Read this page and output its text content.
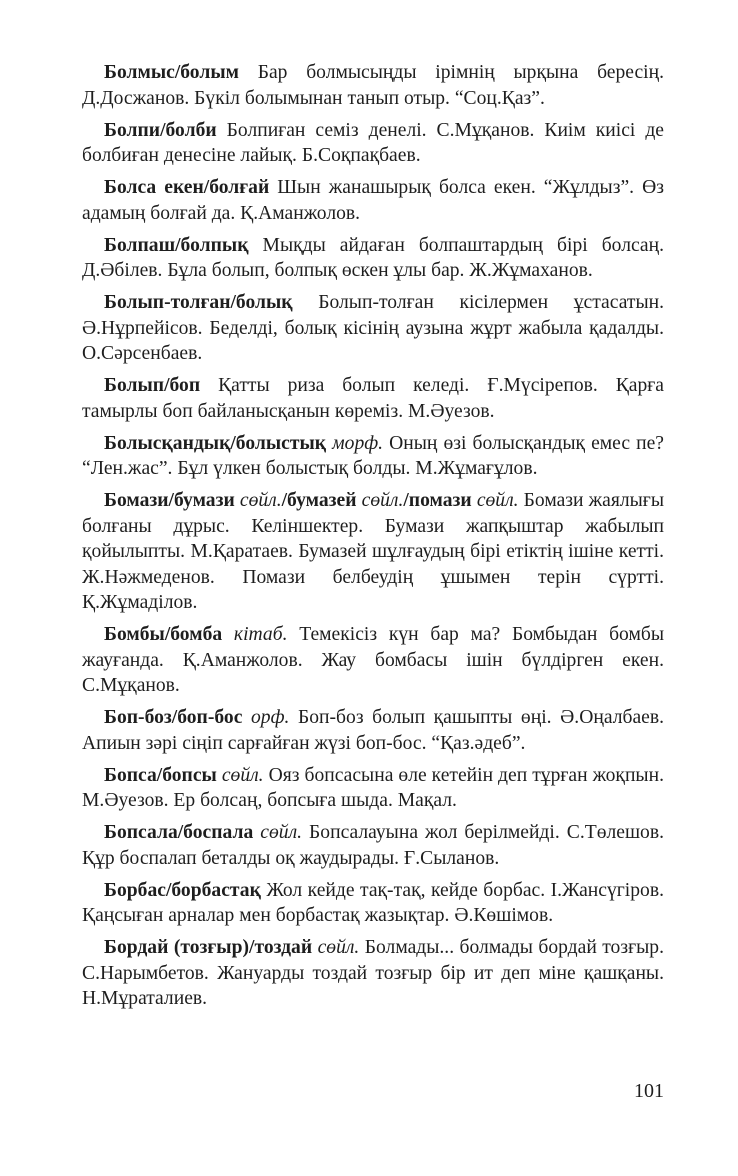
Болмыс/болым Бар болмысыңды ірімнің ырқына бересің. Д.Досжанов. Бүкіл болымынан танып отыр. “Соц.Қаз”.

Болпи/болби Болпиған семіз денелі. С.Мұқанов. Киім киісі де болбиған денесіне лайық. Б.Соқпақбаев.

Болса екен/болғай Шын жанашырық болса екен. “Жұлдыз”. Өз адамың болғай да. Қ.Аманжолов.

Болпаш/болпық Мықды айдаған болпаштардың бірі болсаң. Д.Әбілев. Бұла болып, болпық өскен ұлы бар. Ж.Жұмаханов.

Болып-толған/болық Болып-толған кісілермен ұстасатын. Ә.Нұрпейісов. Беделді, болық кісінің аузына жұрт жабыла қадалды. О.Сәрсенбаев.

Болып/боп Қатты риза болып келеді. Ғ.Мүсірепов. Қарға тамырлы боп байланысқанын көреміз. М.Әуезов.

Болысқандық/болыстық морф. Оның өзі болысқандық емес пе? “Лен.жас”. Бұл үлкен болыстық болды. М.Жұмағұлов.

Бомази/бумази сөйл./бумазей сөйл./помази сөйл. Бомази жаялығы болғаны дұрыс. Келіншектер. Бумази жапқыштар жабылып қойылыпты. М.Қаратаев. Бумазей шұлғаудың бірі етіктің ішіне кетті. Ж.Нәжмеденов. Помази белбеудің ұшымен терін сүртті. Қ.Жұмаділов.

Бомбы/бомба кітаб. Темекісіз күн бар ма? Бомбыдан бомбы жауғанда. Қ.Аманжолов. Жау бомбасы ішін бүлдірген екен. С.Мұқанов.

Боп-боз/боп-бос орф. Боп-боз болып қашыпты өңі. Ә.Оңалбаев. Апиын зәрі сіңіп сарғайған жүзі боп-бос. “Қаз.әдеб”.

Бопса/бопсы сөйл. Ояз бопсасына өле кетейін деп тұрған жоқпын. М.Әуезов. Ер болсаң, бопсыға шыда. Мақал.

Бопсала/боспала сөйл. Бопсалауына жол берілмейді. С.Төлешов. Құр боспалап беталды оқ жаудырады. Ғ.Сыланов.

Борбас/борбастақ Жол кейде тақ-тақ, кейде борбас. І.Жансүгіров. Қаңсыған арналар мен борбастақ жазықтар. Ә.Көшімов.

Бордай (тозғыр)/тоздай сөйл. Болмады... болмады бордай тозғыр. С.Нарымбетов. Жануарды тоздай тозғыр бір ит деп міне қашқаны. Н.Мұраталиев.

101
